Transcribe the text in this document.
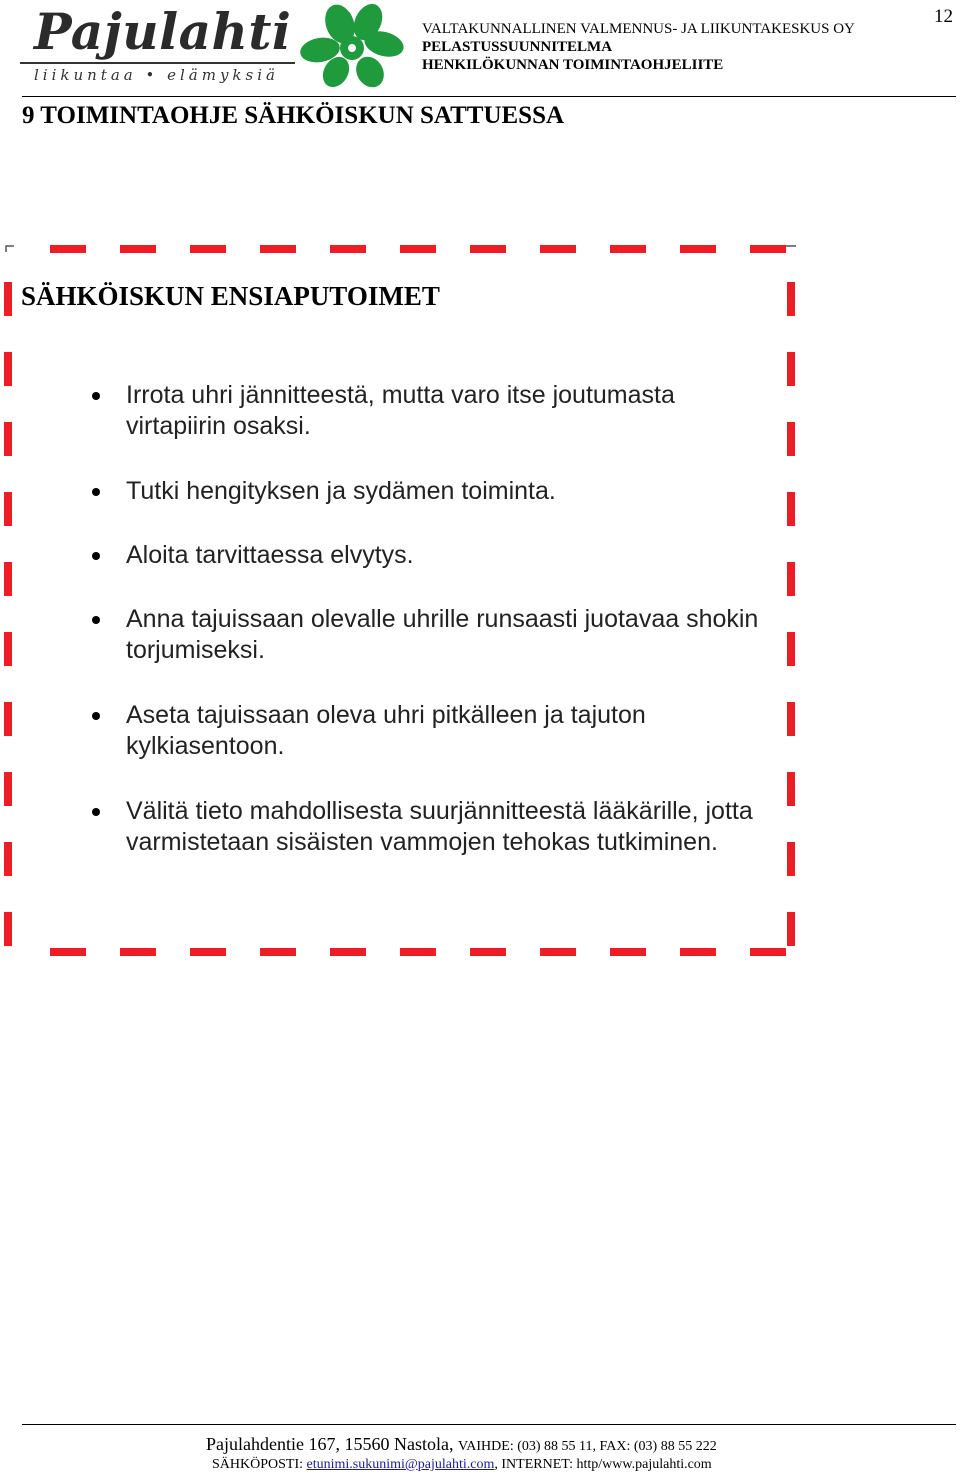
Pajulahti
liikuntaa • elämyksiä
VALTAKUNNALLINEN VALMENNUS- JA LIIKUNTAKESKUS OY
PELASTUSSUUNNITELMA
HENKILÖKUNNAN TOIMINTAOHJELIITE
12
9 TOIMINTAOHJE SÄHKÖISKUN SATTUESSA
SÄHKÖISKUN ENSIAPUTOIMET
Irrota uhri jännitteestä, mutta varo itse joutumasta virtapiirin osaksi.
Tutki hengityksen ja sydämen toiminta.
Aloita tarvittaessa elvytys.
Anna tajuissaan olevalle uhrille runsaasti juotavaa shokin torjumiseksi.
Aseta tajuissaan oleva uhri pitkälleen ja tajuton kylkiasentoon.
Välitä tieto mahdollisesta suurjännitteestä lääkärille, jotta varmistetaan sisäisten vammojen tehokas tutkiminen.
Pajulahdentie 167, 15560 Nastola, VAIHDE: (03) 88 55 11, FAX: (03) 88 55 222
SÄHKÖPOSTI: etunimi.sukunimi@pajulahti.com, INTERNET: http/www.pajulahti.com
